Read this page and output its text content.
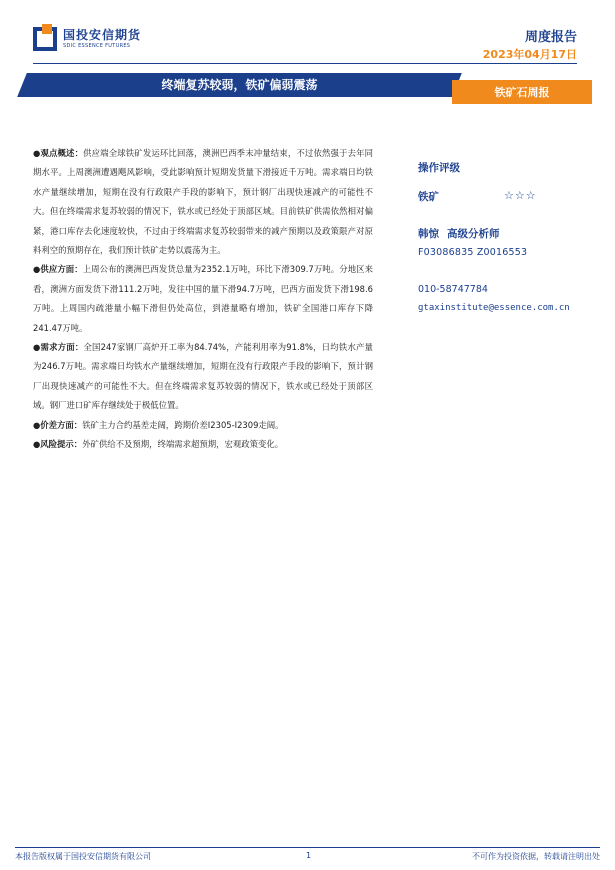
国投安信期货
SDIC ESSENCE FUTURES
周度报告
2023年04月17日
终端复苏较弱，铁矿偏弱震荡
铁矿石周报

●观点概述：供应端全球铁矿发运环比回落，澳洲巴西季末冲量结束，不过依然强于去年同期水平。上周澳洲遭遇飓风影响，受此影响预计短期发货量下滑接近千万吨。需求端日均铁水产量继续增加，短期在没有行政限产手段的影响下，预计钢厂出现快速减产的可能性不大。但在终端需求复苏较弱的情况下，铁水或已经处于顶部区域。目前铁矿供需依然相对偏紧，港口库存去化速度较快，不过由于终端需求复苏较弱带来的减产预期以及政策限产对原料利空的预期存在，我们预计铁矿走势以震荡为主。

●供应方面：上周公布的澳洲巴西发货总量为2352.1万吨，环比下滑309.7万吨。分地区来看，澳洲方面发货下滑111.2万吨，发往中国的量下滑94.7万吨，巴西方面发货下滑198.6万吨。上周国内疏港量小幅下滑但仍处高位，到港量略有增加，铁矿全国港口库存下降241.47万吨。

●需求方面：全国247家钢厂高炉开工率为84.74%，产能利用率为91.8%，日均铁水产量为246.7万吨。需求端日均铁水产量继续增加，短期在没有行政限产手段的影响下，预计钢厂出现快速减产的可能性不大。但在终端需求复苏较弱的情况下，铁水或已经处于顶部区域。钢厂进口矿库存继续处于极低位置。

●价差方面：铁矿主力合约基差走阔，跨期价差I2305-I2309走阔。

●风险提示：外矿供给不及预期，终端需求超预期，宏观政策变化。

操作评级
铁矿	☆☆☆
韩惊 高级分析师
F03086835 Z0016553
010-58747784
gtaxinstitute@essence.com.cn
本报告版权属于国投安信期货有限公司	1	不可作为投资依据，转载请注明出处
